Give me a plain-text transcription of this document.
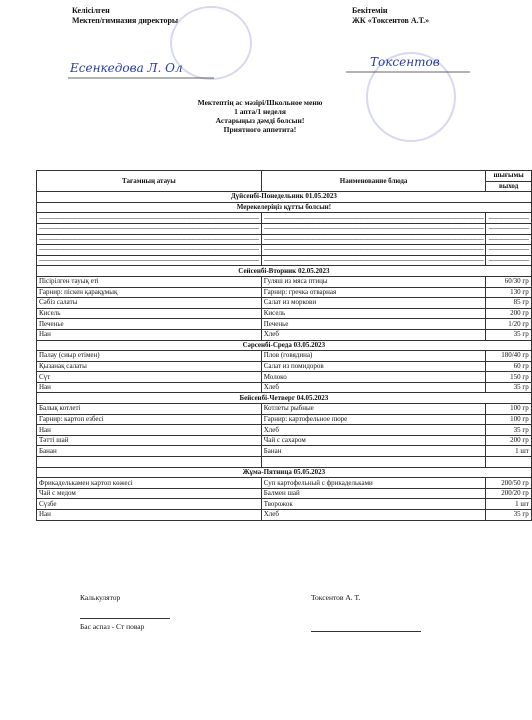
Келісілген
Мектеп/гимназия директоры
Бекітемін
ЖК «Токсентов А.Т.»
Есенкедова Л. Ол	Токсентов
Мектептің ас мәзірі/Школьное меню
1 апта/1 неделя
Астарыңыз дәмді болсын!
Приятного аппетита!
Тағамның атауы	Наименование блюда	шығымы
		выход
Дүйсенбі-Понедельник 01.05.2023		
Мерекелеріңіз құтты болсын!		
------------------------------------------------------------------------------------------------------------------------	------------------------------------------------------------------------------------------------------------------------	----------------------
------------------------------------------------------------------------------------------------------------------------	------------------------------------------------------------------------------------------------------------------------	----------------------
------------------------------------------------------------------------------------------------------------------------	------------------------------------------------------------------------------------------------------------------------	----------------------
------------------------------------------------------------------------------------------------------------------------	------------------------------------------------------------------------------------------------------------------------	----------------------
------------------------------------------------------------------------------------------------------------------------	------------------------------------------------------------------------------------------------------------------------	----------------------
Сейсенбі-Вторник 02.05.2023		
Пісірілген тауық еті	Гуляш из мяса птицы	60/30 гр
Гарнир: піскен қарақұмық	Гарнир: гречка отварная	130 гр
Сәбіз салаты	Салат из моркови	85 гр
Кисель	Кисель	200 гр
Печенье	Печенье	1/20 гр
Нан	Хлеб	35 гр
Сәрсенбі-Среда 03.05.2023		
Палау (сиыр етімен)	Плов (говядина)	180/40 гр
Қызанақ салаты	Салат из помидоров	60 гр
Сүт	Молоко	150 гр
Нан	Хлеб	35 гр
Бейсенбі-Четверг 04.05.2023		
Балық котлеті	Котлеты рыбные	100 гр
Гарнир: картоп езбесі	Гарнир: картофельное пюре	100 гр
Нан	Хлеб	35 гр
Тәтті шай	Чай с сахаром	200 гр
Банан	Банан	1 шт

Жұма-Пятница 05.05.2023		
Фрикаделькамен картоп көжесі	Суп картофельный с фрикадельками	200/50 гр
Чай с медом	Балмен шай	200/20 гр
Сүзбе	Творожок	1 шт
Нан	Хлеб	35 гр
Калькулятор	Токсентов А. Т.
Бас аспаз - Ст повар
